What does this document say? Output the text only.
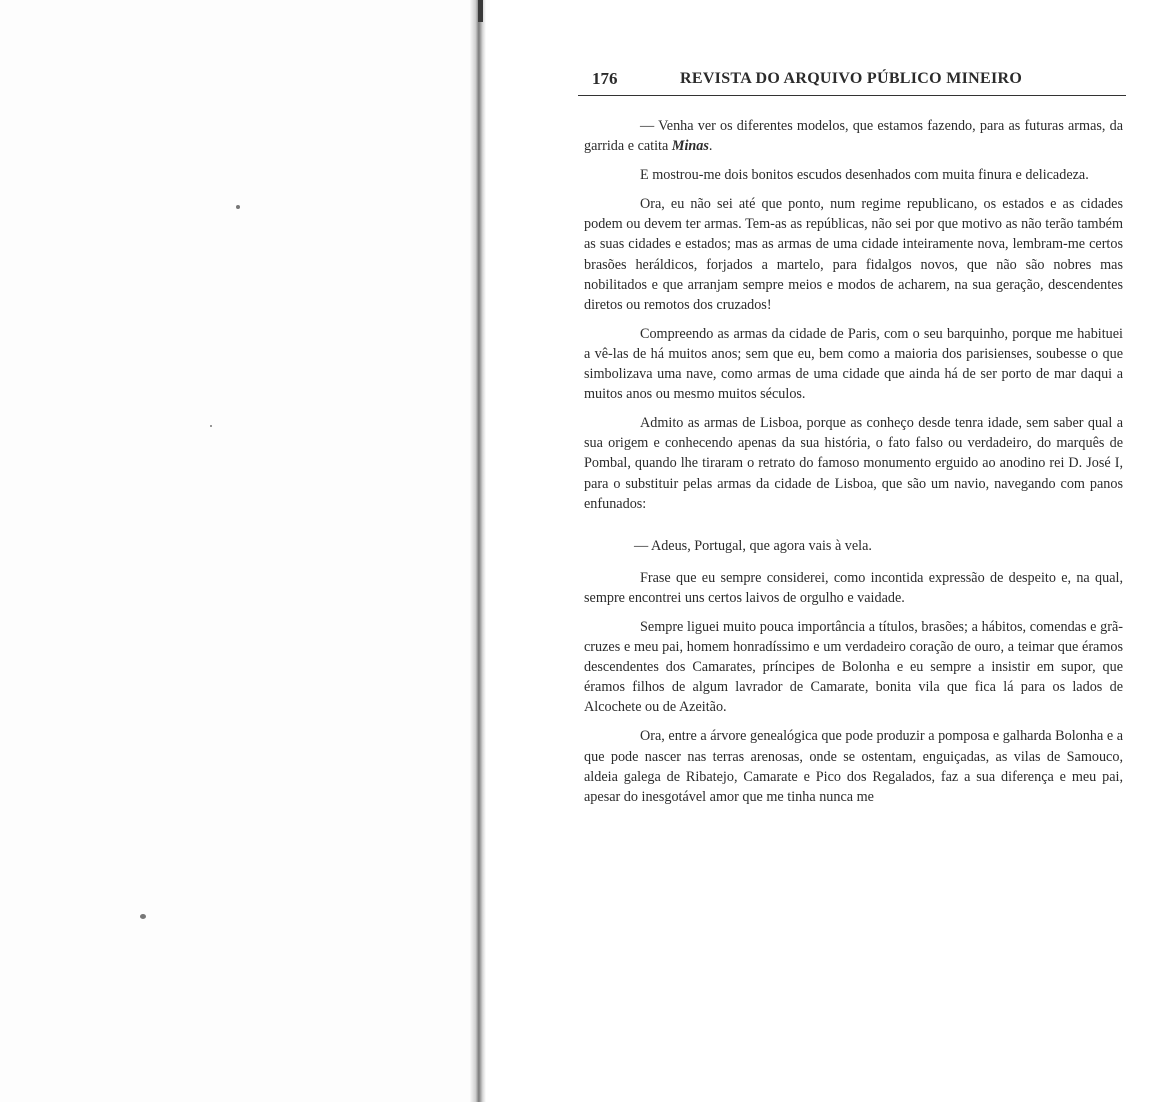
176	REVISTA DO ARQUIVO PÚBLICO MINEIRO

— Venha ver os diferentes modelos, que estamos fazendo, para as futuras armas, da garrida e catita Minas.

E mostrou-me dois bonitos escudos desenhados com muita finura e delicadeza.

Ora, eu não sei até que ponto, num regime republicano, os estados e as cidades podem ou devem ter armas. Tem-as as repúblicas, não sei por que motivo as não terão também as suas cidades e estados; mas as armas de uma cidade inteiramente nova, lembram-me certos brasões heráldicos, forjados a martelo, para fidalgos novos, que não são nobres mas nobilitados e que arranjam sempre meios e modos de acharem, na sua geração, descendentes diretos ou remotos dos cruzados!

Compreendo as armas da cidade de Paris, com o seu barquinho, porque me habituei a vê-las de há muitos anos; sem que eu, bem como a maioria dos parisienses, soubesse o que simbolizava uma nave, como armas de uma cidade que ainda há de ser porto de mar daqui a muitos anos ou mesmo muitos séculos.

Admito as armas de Lisboa, porque as conheço desde tenra idade, sem saber qual a sua origem e conhecendo apenas da sua história, o fato falso ou verdadeiro, do marquês de Pombal, quando lhe tiraram o retrato do famoso monumento erguido ao anodino rei D. José I, para o substituir pelas armas da cidade de Lisboa, que são um navio, navegando com panos enfunados:

— Adeus, Portugal, que agora vais à vela.

Frase que eu sempre considerei, como incontida expressão de despeito e, na qual, sempre encontrei uns certos laivos de orgulho e vaidade.

Sempre liguei muito pouca importância a títulos, brasões; a hábitos, comendas e grã-cruzes e meu pai, homem honradíssimo e um verdadeiro coração de ouro, a teimar que éramos descendentes dos Camarates, príncipes de Bolonha e eu sempre a insistir em supor, que éramos filhos de algum lavrador de Camarate, bonita vila que fica lá para os lados de Alcochete ou de Azeitão.

Ora, entre a árvore genealógica que pode produzir a pomposa e galharda Bolonha e a que pode nascer nas terras arenosas, onde se ostentam, enguiçadas, as vilas de Samouco, aldeia galega de Ribatejo, Camarate e Pico dos Regalados, faz a sua diferença e meu pai, apesar do inesgotável amor que me tinha nunca me
